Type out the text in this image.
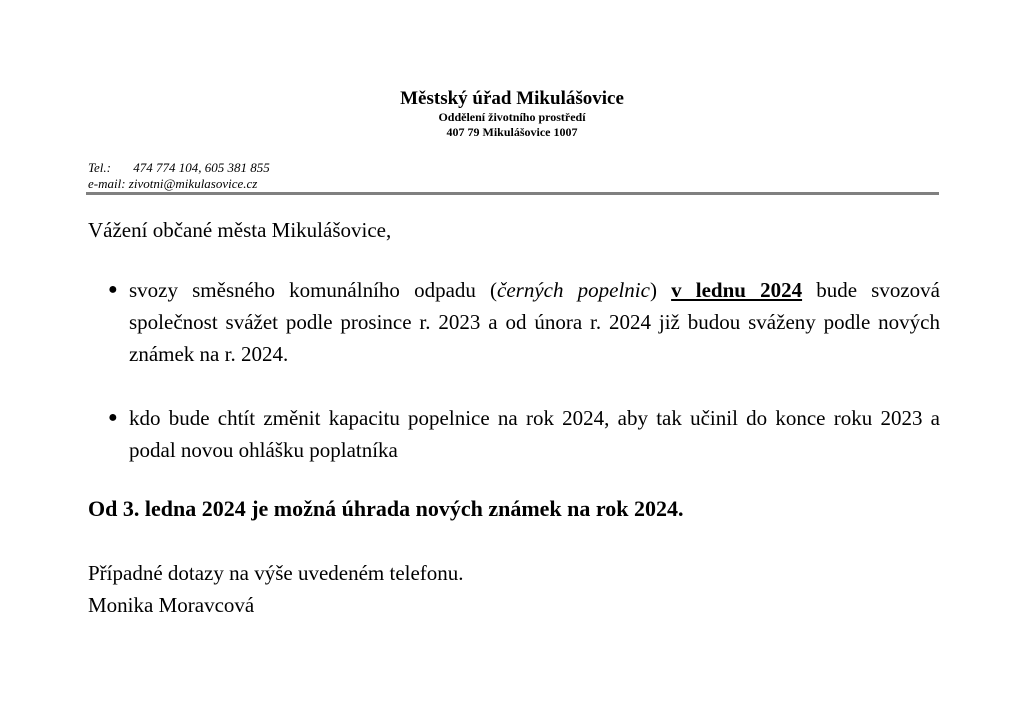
Městský úřad Mikulášovice
Oddělení životního prostředí
407 79 Mikulášovice 1007
Tel.: 474 774 104, 605 381 855
e-mail: zivotni@mikulasovice.cz
Vážení občané města Mikulášovice,
● svozy směsného komunálního odpadu (černých popelnic) v lednu 2024 bude svozová společnost svážet podle prosince r. 2023 a od února r. 2024 již budou sváženy podle nových známek na r. 2024.
● kdo bude chtít změnit kapacitu popelnice na rok 2024, aby tak učinil do konce roku 2023 a podal novou ohlášku poplatníka
Od 3. ledna 2024 je možná úhrada nových známek na rok 2024.
Případné dotazy na výše uvedeném telefonu.
Monika Moravcová
